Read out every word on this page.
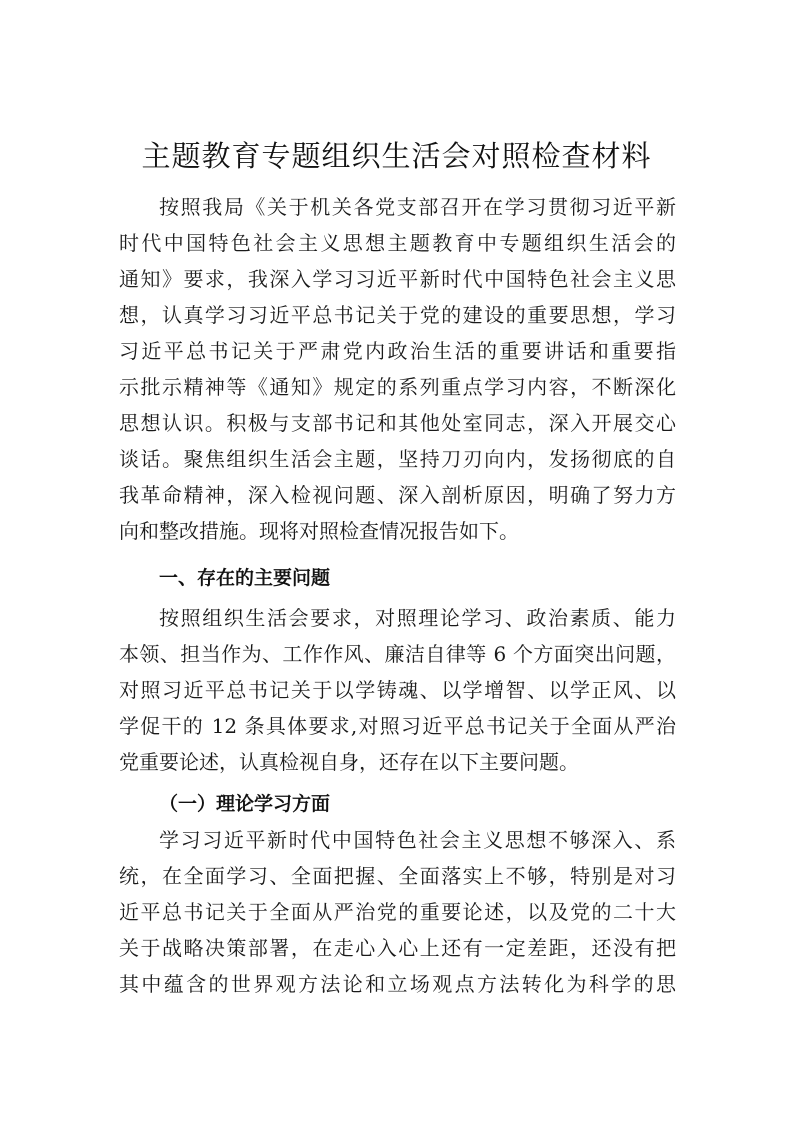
主题教育专题组织生活会对照检查材料
按照我局《关于机关各党支部召开在学习贯彻习近平新
时代中国特色社会主义思想主题教育中专题组织生活会的
通知》要求，我深入学习习近平新时代中国特色社会主义思
想，认真学习习近平总书记关于党的建设的重要思想，学习
习近平总书记关于严肃党内政治生活的重要讲话和重要指
示批示精神等《通知》规定的系列重点学习内容，不断深化
思想认识。积极与支部书记和其他处室同志，深入开展交心
谈话。聚焦组织生活会主题，坚持刀刃向内，发扬彻底的自
我革命精神，深入检视问题、深入剖析原因，明确了努力方
向和整改措施。现将对照检查情况报告如下。
一、存在的主要问题
按照组织生活会要求，对照理论学习、政治素质、能力
本领、担当作为、工作作风、廉洁自律等 6 个方面突出问题，
对照习近平总书记关于以学铸魂、以学增智、以学正风、以
学促干的 12 条具体要求,对照习近平总书记关于全面从严治
党重要论述，认真检视自身，还存在以下主要问题。
（一）理论学习方面
学习习近平新时代中国特色社会主义思想不够深入、系
统，在全面学习、全面把握、全面落实上不够，特别是对习
近平总书记关于全面从严治党的重要论述，以及党的二十大
关于战略决策部署，在走心入心上还有一定差距，还没有把
其中蕴含的世界观方法论和立场观点方法转化为科学的思
